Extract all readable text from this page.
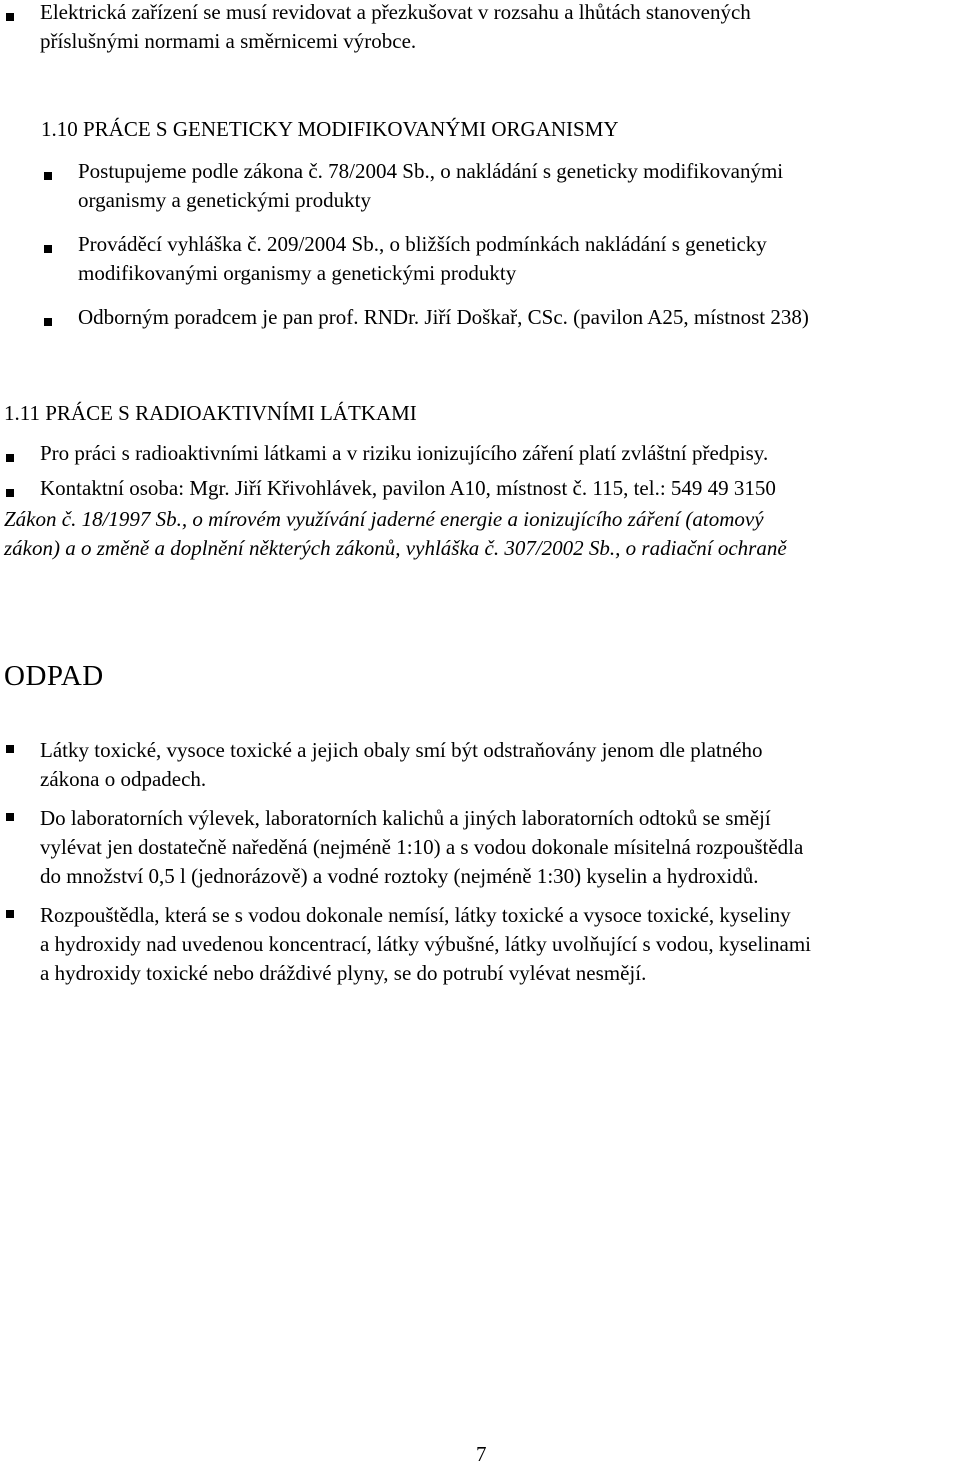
Elektrická zařízení se musí revidovat a přezkušovat v rozsahu a lhůtách stanovených
příslušnými normami a směrnicemi výrobce.
1.10 PRÁCE S GENETICKY MODIFIKOVANÝMI ORGANISMY
Postupujeme podle zákona č. 78/2004 Sb., o nakládání s geneticky modifikovanými
organismy a genetickými produkty
Prováděcí vyhláška č. 209/2004 Sb., o bližších podmínkách nakládání s geneticky
modifikovanými organismy a genetickými produkty
Odborným poradcem je pan prof. RNDr. Jiří Doškař, CSc. (pavilon A25, místnost 238)
1.11 PRÁCE S RADIOAKTIVNÍMI LÁTKAMI
Pro práci s radioaktivními látkami a v riziku ionizujícího záření platí zvláštní předpisy.
Kontaktní osoba: Mgr. Jiří Křivohlávek, pavilon A10, místnost č. 115, tel.: 549 49 3150
Zákon č. 18/1997 Sb., o mírovém využívání jaderné energie a ionizujícího záření (atomový
zákon) a o změně a doplnění některých zákonů, vyhláška č. 307/2002 Sb., o radiační ochraně
ODPAD
Látky toxické, vysoce toxické a jejich obaly smí být odstraňovány jenom dle platného
zákona o odpadech.
Do laboratorních výlevek, laboratorních kalichů a jiných laboratorních odtoků se smějí
vylévat jen dostatečně naředěná (nejméně 1:10) a s vodou dokonale mísitelná rozpouštědla
do množství 0,5 l (jednorázově) a vodné roztoky (nejméně 1:30) kyselin a hydroxidů.
Rozpouštědla, která se s vodou dokonale nemísí, látky toxické a vysoce toxické, kyseliny
a hydroxidy nad uvedenou koncentrací, látky výbušné, látky uvolňující s vodou, kyselinami
a hydroxidy toxické nebo dráždivé plyny, se do potrubí vylévat nesmějí.
7
